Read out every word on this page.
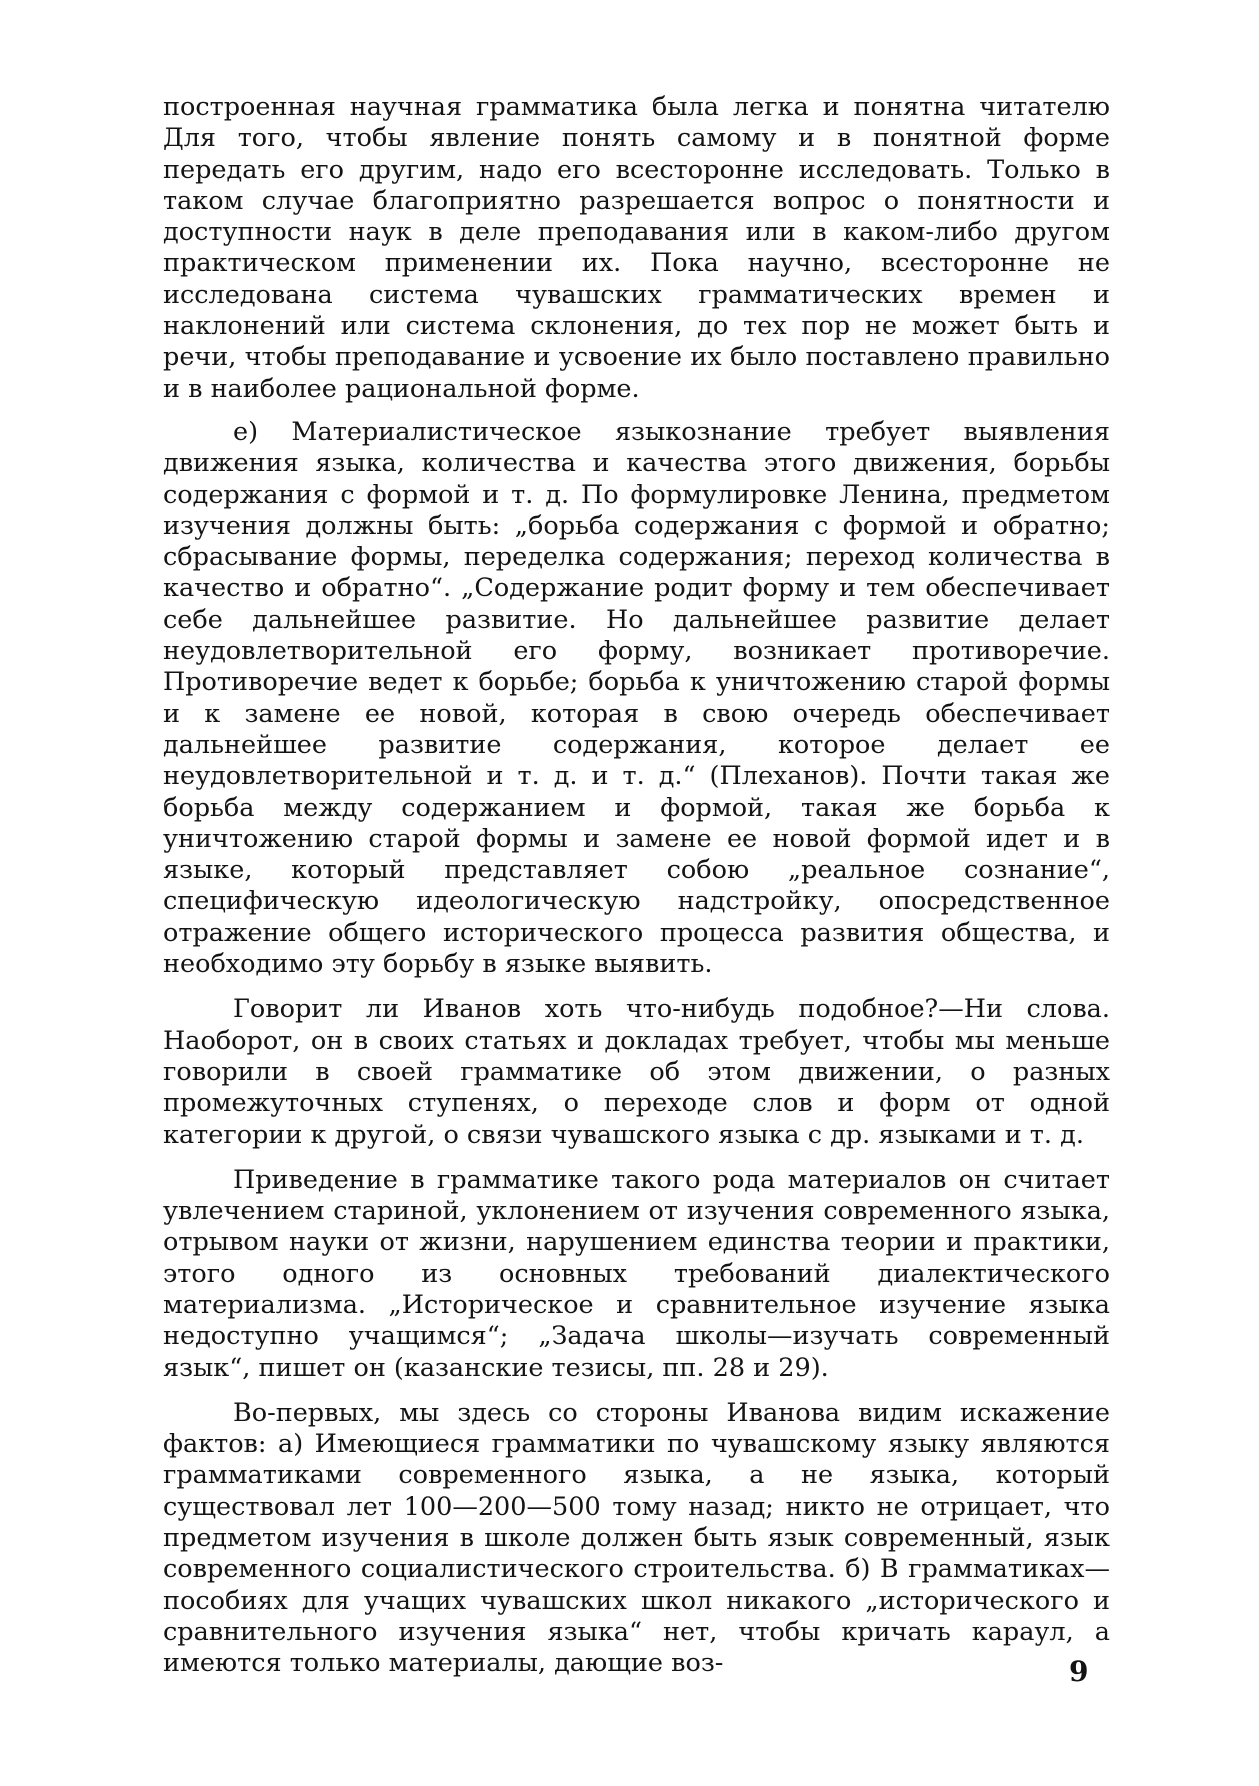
построенная научная грамматика была легка и понятна читателю Для того, чтобы явление понять самому и в понятной форме передать его другим, надо его всесторонне исследовать. Только в таком случае благоприятно разрешается вопрос о понятности и доступности наук в деле преподавания или в каком-либо другом практическом применении их. Пока научно, всесторонне не исследована система чувашских грамматических времен и наклонений или система склонения, до тех пор не может быть и речи, чтобы преподавание и усвоение их было поставлено правильно и в наиболее рациональной форме.

е) Материалистическое языкознание требует выявления движения языка, количества и качества этого движения, борьбы содержания с формой и т. д. По формулировке Ленина, предметом изучения должны быть: „борьба содержания с формой и обратно; сбрасывание формы, переделка содержания; переход количества в качество и обратно“. „Содержание родит форму и тем обеспечивает себе дальнейшее развитие. Но дальнейшее развитие делает неудовлетворительной его форму, возникает противоречие. Противоречие ведет к борьбе; борьба к уничтожению старой формы и к замене ее новой, которая в свою очередь обеспечивает дальнейшее развитие содержания, которое делает ее неудовлетворительной и т. д. и т. д.“ (Плеханов). Почти такая же борьба между содержанием и формой, такая же борьба к уничтожению старой формы и замене ее новой формой идет и в языке, который представляет собою „реальное сознание“, специфическую идеологическую надстройку, опосредственное отражение общего исторического процесса развития общества, и необходимо эту борьбу в языке выявить.

Говорит ли Иванов хоть что-нибудь подобное?—Ни слова. Наоборот, он в своих статьях и докладах требует, чтобы мы меньше говорили в своей грамматике об этом движении, о разных промежуточных ступенях, о переходе слов и форм от одной категории к другой, о связи чувашского языка с др. языками и т. д.

Приведение в грамматике такого рода материалов он считает увлечением стариной, уклонением от изучения современного языка, отрывом науки от жизни, нарушением единства теории и практики, этого одного из основных требований диалектического материализма. „Историческое и сравнительное изучение языка недоступно учащимся“; „Задача школы—изучать современный язык“, пишет он (казанские тезисы, пп. 28 и 29).

Во-первых, мы здесь со стороны Иванова видим искажение фактов: а) Имеющиеся грамматики по чувашскому языку являются грамматиками современного языка, а не языка, который существовал лет 100—200—500 тому назад; никто не отрицает, что предметом изучения в школе должен быть язык современный, язык современного социалистического строительства. б) В грамматиках—пособиях для учащих чувашских школ никакого „исторического и сравнительного изучения языка“ нет, чтобы кричать караул, а имеются только материалы, дающие воз-	9
